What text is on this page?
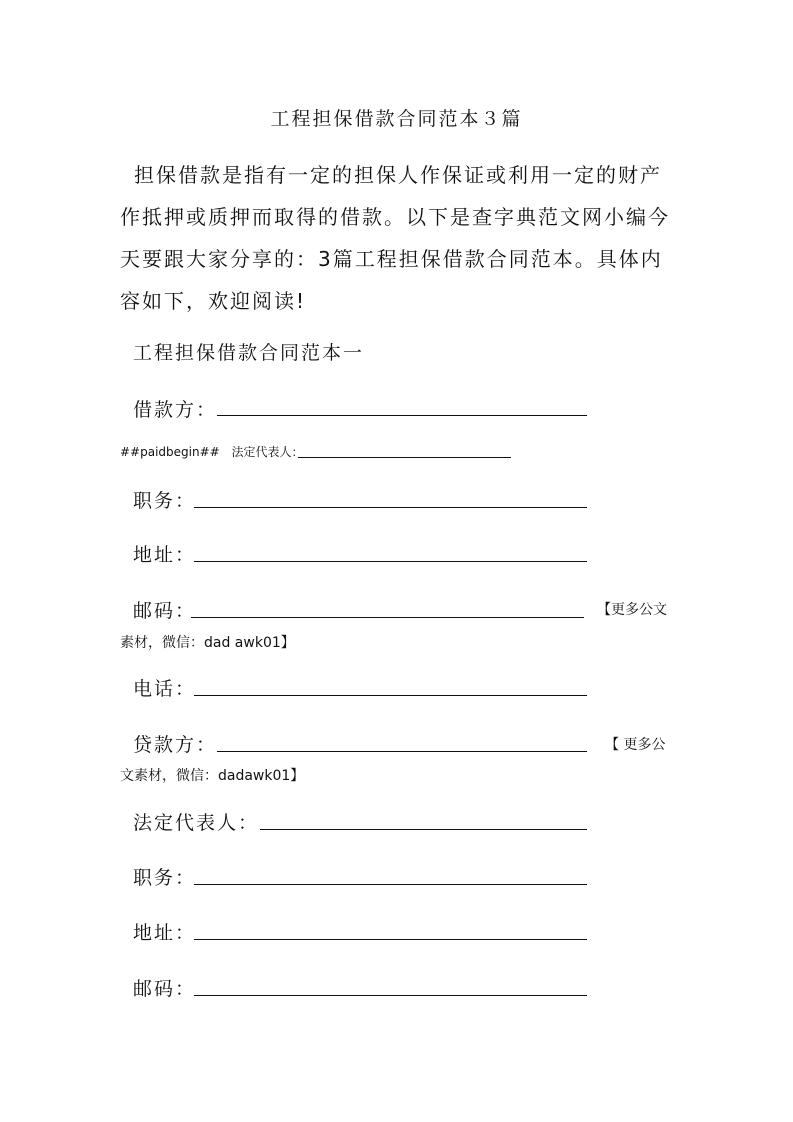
工程担保借款合同范本３篇
担保借款是指有一定的担保人作保证或利用一定的财产作抵押或质押而取得的借款。以下是查字典范文网小编今天要跟大家分享的：3篇工程担保借款合同范本。具体内容如下，欢迎阅读!
工程担保借款合同范本一
借款方：
##paidbegin## 法定代表人：
职务：
地址：
邮码：	【更多公文
素材，微信：dad awk01】
电话：
贷款方：	【 更多公
文素材，微信：dadawk01】
法定代表人：
职务：
地址：
邮码：
